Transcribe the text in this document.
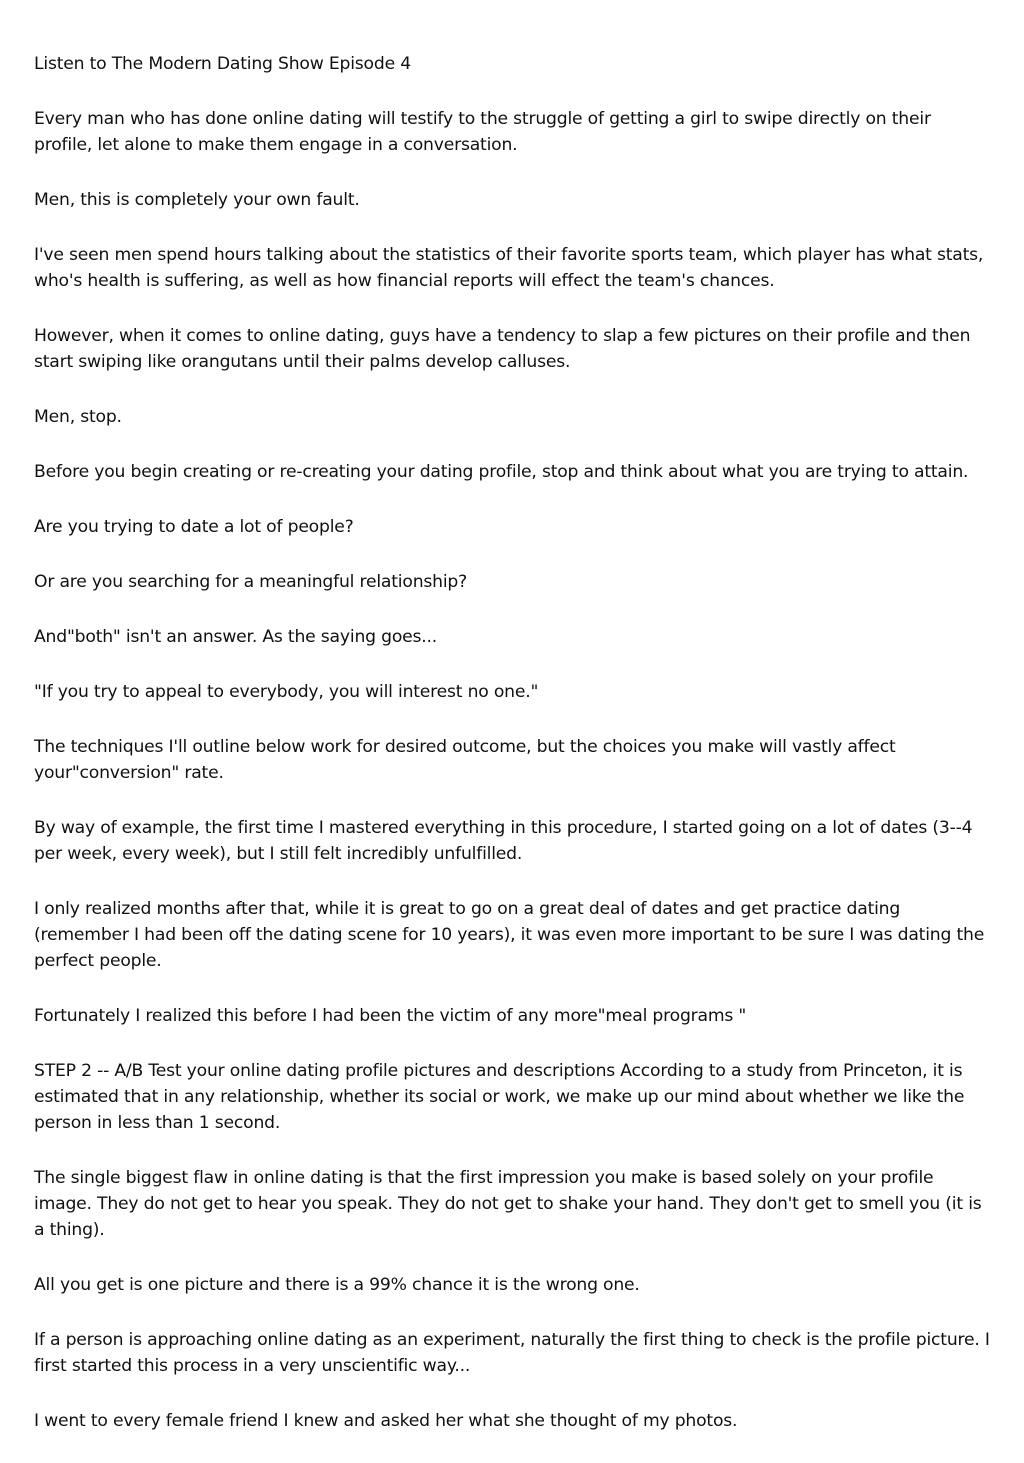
Listen to The Modern Dating Show Episode 4

Every man who has done online dating will testify to the struggle of getting a girl to swipe directly on their profile, let alone to make them engage in a conversation.

Men, this is completely your own fault.

I've seen men spend hours talking about the statistics of their favorite sports team, which player has what stats, who's health is suffering, as well as how financial reports will effect the team's chances.

However, when it comes to online dating, guys have a tendency to slap a few pictures on their profile and then start swiping like orangutans until their palms develop calluses.

Men, stop.

Before you begin creating or re-creating your dating profile, stop and think about what you are trying to attain.

Are you trying to date a lot of people?

Or are you searching for a meaningful relationship?

And"both" isn't an answer. As the saying goes...

"If you try to appeal to everybody, you will interest no one."

The techniques I'll outline below work for desired outcome, but the choices you make will vastly affect your"conversion" rate.

By way of example, the first time I mastered everything in this procedure, I started going on a lot of dates (3--4 per week, every week), but I still felt incredibly unfulfilled.

I only realized months after that, while it is great to go on a great deal of dates and get practice dating (remember I had been off the dating scene for 10 years), it was even more important to be sure I was dating the perfect people.

Fortunately I realized this before I had been the victim of any more"meal programs "

STEP 2 -- A/B Test your online dating profile pictures and descriptions According to a study from Princeton, it is estimated that in any relationship, whether its social or work, we make up our mind about whether we like the person in less than 1 second.

The single biggest flaw in online dating is that the first impression you make is based solely on your profile image. They do not get to hear you speak. They do not get to shake your hand. They don't get to smell you (it is a thing).

All you get is one picture and there is a 99% chance it is the wrong one.

If a person is approaching online dating as an experiment, naturally the first thing to check is the profile picture. I first started this process in a very unscientific way...

I went to every female friend I knew and asked her what she thought of my photos.
